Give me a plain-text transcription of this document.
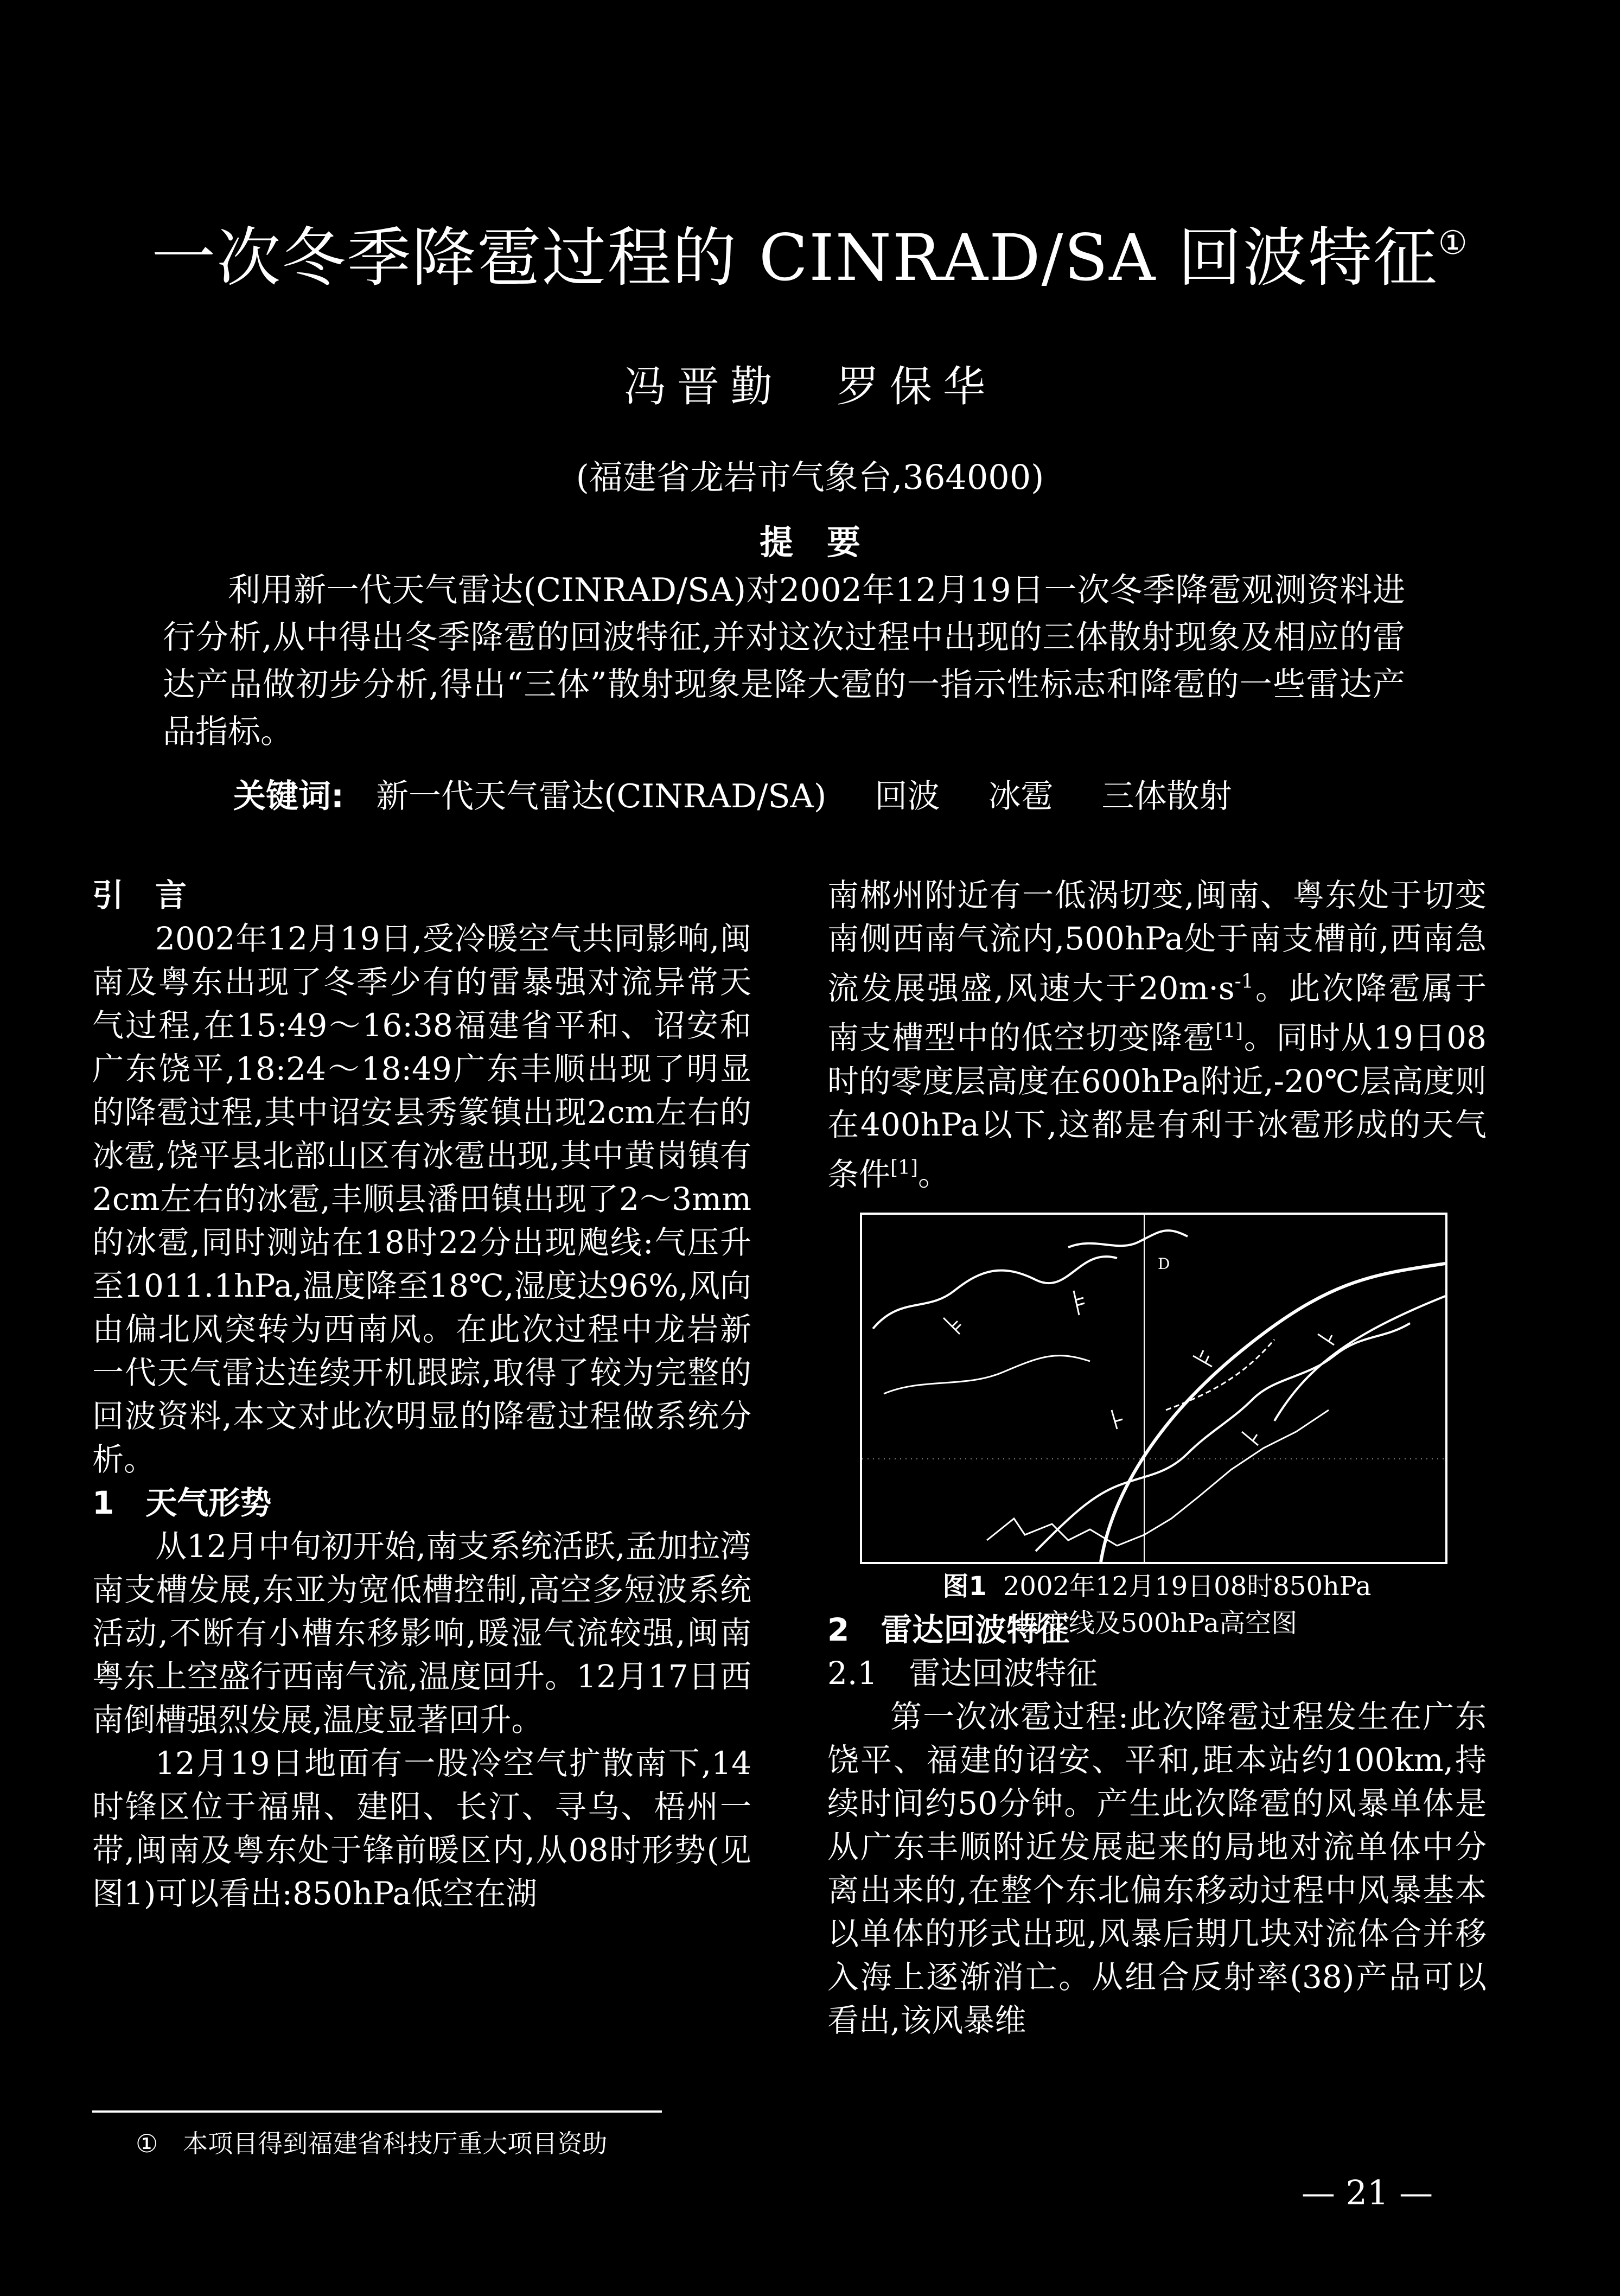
一次冬季降雹过程的 CINRAD/SA 回波特征①
冯晋勤　罗保华
(福建省龙岩市气象台,364000)
提　要
利用新一代天气雷达(CINRAD/SA)对2002年12月19日一次冬季降雹观测资料进行分析,从中得出冬季降雹的回波特征,并对这次过程中出现的三体散射现象及相应的雷达产品做初步分析,得出“三体”散射现象是降大雹的一指示性标志和降雹的一些雷达产品指标。
关键词: 新一代天气雷达(CINRAD/SA) 回波 冰雹 三体散射
引　言

2002年12月19日,受冷暖空气共同影响,闽南及粤东出现了冬季少有的雷暴强对流异常天气过程,在15:49～16:38福建省平和、诏安和广东饶平,18:24～18:49广东丰顺出现了明显的降雹过程,其中诏安县秀篆镇出现2cm左右的冰雹,饶平县北部山区有冰雹出现,其中黄岗镇有2cm左右的冰雹,丰顺县潘田镇出现了2～3mm的冰雹,同时测站在18时22分出现飑线:气压升至1011.1hPa,温度降至18℃,湿度达96%,风向由偏北风突转为西南风。在此次过程中龙岩新一代天气雷达连续开机跟踪,取得了较为完整的回波资料,本文对此次明显的降雹过程做系统分析。

1　天气形势

从12月中旬初开始,南支系统活跃,孟加拉湾南支槽发展,东亚为宽低槽控制,高空多短波系统活动,不断有小槽东移影响,暖湿气流较强,闽南粤东上空盛行西南气流,温度回升。12月17日西南倒槽强烈发展,温度显著回升。

12月19日地面有一股冷空气扩散南下,14时锋区位于福鼎、建阳、长汀、寻乌、梧州一带,闽南及粤东处于锋前暖区内,从08时形势(见图1)可以看出:850hPa低空在湖

南郴州附近有一低涡切变,闽南、粤东处于切变南侧西南气流内,500hPa处于南支槽前,西南急流发展强盛,风速大于$20m\cdot s^{-1}$。此次降雹属于南支槽型中的低空切变降雹[1]。同时从19日08时的零度层高度在600hPa附近,-20℃层高度则在400hPa以下,这都是有利于冰雹形成的天气条件[1]。

2　雷达回波特征
2.1　雷达回波特征

第一次冰雹过程:此次降雹过程发生在广东饶平、福建的诏安、平和,距本站约100km,持续时间约50分钟。产生此次降雹的风暴单体是从广东丰顺附近发展起来的局地对流单体中分离出来的,在整个东北偏东移动过程中风暴基本以单体的形式出现,风暴后期几块对流体合并移入海上逐渐消亡。从组合反射率(38)产品可以看出,该风暴维

D
图1 2002年12月19日08时850hPa
切变线及500hPa高空图
①　本项目得到福建省科技厅重大项目资助
— 21 —
